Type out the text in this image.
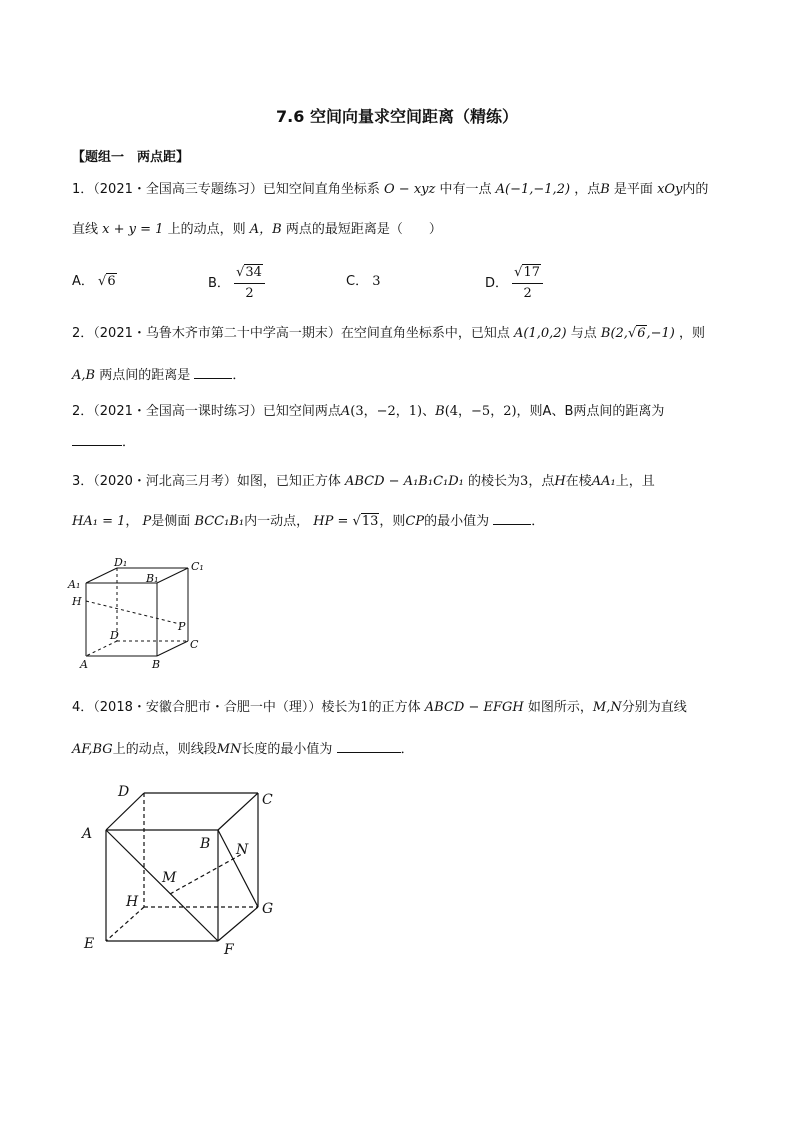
7.6 空间向量求空间距离（精练）
【题组一　两点距】
1．（2021・全国高三专题练习）已知空间直角坐标系 O − xyz 中有一点 A(−1,−1,2) ，点B 是平面 xOy内的
直线 x + y = 1 上的动点，则 A，B 两点的最短距离是（　　）
A． √6	B． $\frac{√34}{2}$	C． 3	D． $\frac{√17}{2}$
2．（2021・乌鲁木齐市第二十中学高一期末）在空间直角坐标系中，已知点 A(1,0,2) 与点 B(2,√6,−1) ，则
A,B 两点间的距离是	．
2．（2021・全国高一课时练习）已知空间两点A(3，−2，1)、B(4，−5，2)，则A、B两点间的距离为
．
3．（2020・河北高三月考）如图，已知正方体 ABCD − A₁B₁C₁D₁ 的棱长为3，点H在棱AA₁上，且
HA₁ = 1， P是侧面 BCC₁B₁内一动点， HP = √13，则CP的最小值为	．
D₁	C₁
A₁	B₁
H
P
D
C
A	B
4．（2018・安徽合肥市・合肥一中（理））棱长为1的正方体 ABCD − EFGH 如图所示，M,N分别为直线
AF,BG上的动点，则线段MN长度的最小值为	．
D	C
A
B N
M
H	G
E	F
